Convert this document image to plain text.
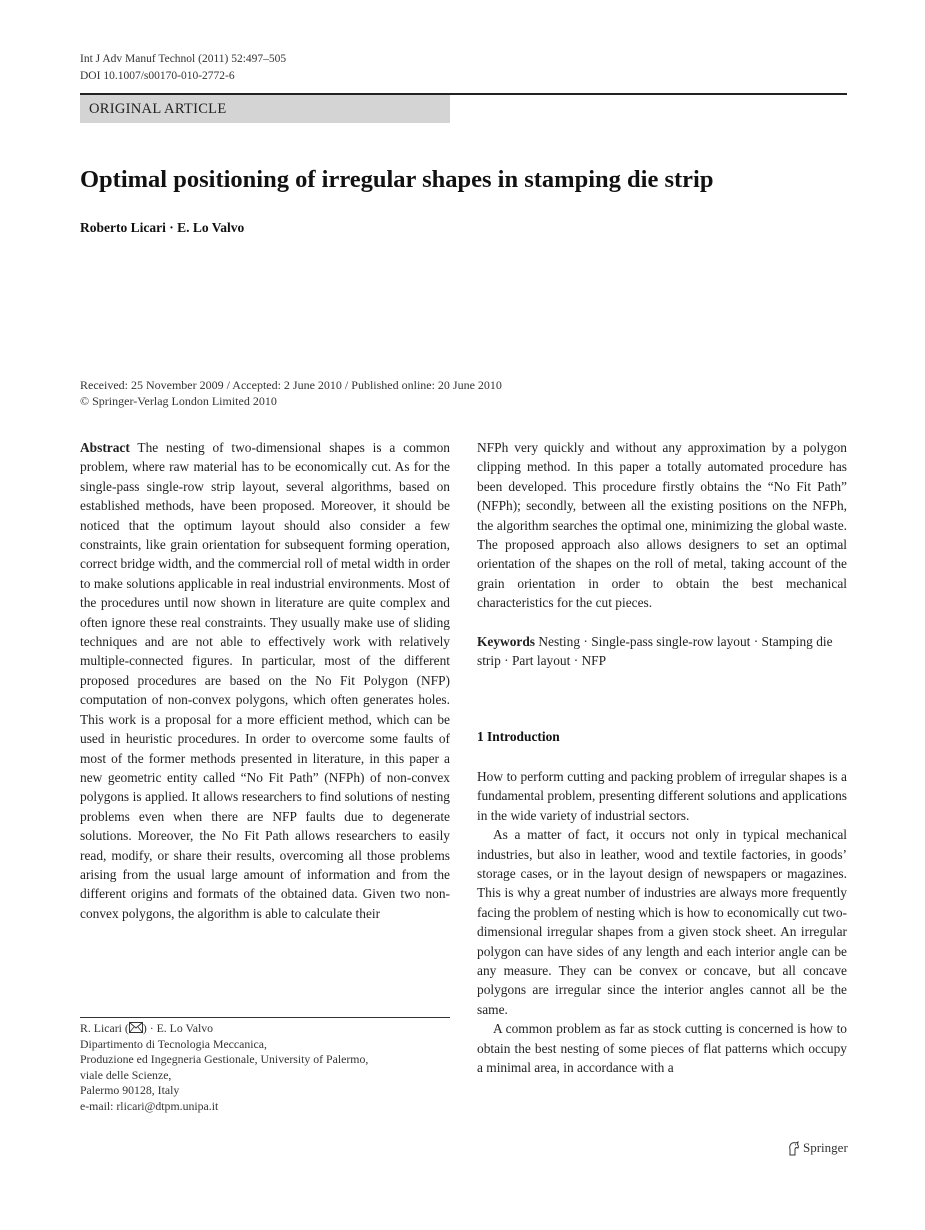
Int J Adv Manuf Technol (2011) 52:497–505
DOI 10.1007/s00170-010-2772-6
ORIGINAL ARTICLE
Optimal positioning of irregular shapes in stamping die strip
Roberto Licari · E. Lo Valvo
Received: 25 November 2009 / Accepted: 2 June 2010 / Published online: 20 June 2010
© Springer-Verlag London Limited 2010

Abstract The nesting of two-dimensional shapes is a common problem, where raw material has to be economically cut. As for the single-pass single-row strip layout, several algorithms, based on established methods, have been proposed. Moreover, it should be noticed that the optimum layout should also consider a few constraints, like grain orientation for subsequent forming operation, correct bridge width, and the commercial roll of metal width in order to make solutions applicable in real industrial environments. Most of the procedures until now shown in literature are quite complex and often ignore these real constraints. They usually make use of sliding techniques and are not able to effectively work with relatively multiple-connected figures. In particular, most of the different proposed procedures are based on the No Fit Polygon (NFP) computation of non-convex polygons, which often generates holes. This work is a proposal for a more efficient method, which can be used in heuristic procedures. In order to overcome some faults of most of the former methods presented in literature, in this paper a new geometric entity called “No Fit Path” (NFPh) of non-convex polygons is applied. It allows researchers to find solutions of nesting problems even when there are NFP faults due to degenerate solutions. Moreover, the No Fit Path allows researchers to easily read, modify, or share their results, overcoming all those problems arising from the usual large amount of information and from the different origins and formats of the obtained data. Given two non-convex polygons, the algorithm is able to calculate their

NFPh very quickly and without any approximation by a polygon clipping method. In this paper a totally automated procedure has been developed. This procedure firstly obtains the “No Fit Path” (NFPh); secondly, between all the existing positions on the NFPh, the algorithm searches the optimal one, minimizing the global waste. The proposed approach also allows designers to set an optimal orientation of the shapes on the roll of metal, taking account of the grain orientation in order to obtain the best mechanical characteristics for the cut pieces.

Keywords Nesting · Single-pass single-row layout · Stamping die strip · Part layout · NFP

1 Introduction

How to perform cutting and packing problem of irregular shapes is a fundamental problem, presenting different solutions and applications in the wide variety of industrial sectors.

As a matter of fact, it occurs not only in typical mechanical industries, but also in leather, wood and textile factories, in goods’ storage cases, or in the layout design of newspapers or magazines. This is why a great number of industries are always more frequently facing the problem of nesting which is how to economically cut two-dimensional irregular shapes from a given stock sheet. An irregular polygon can have sides of any length and each interior angle can be any measure. They can be convex or concave, but all concave polygons are irregular since the interior angles cannot all be the same.

A common problem as far as stock cutting is concerned is how to obtain the best nesting of some pieces of flat patterns which occupy a minimal area, in accordance with a

R. Licari ( ) · E. Lo Valvo
Dipartimento di Tecnologia Meccanica,
Produzione ed Ingegneria Gestionale, University of Palermo,
viale delle Scienze,
Palermo 90128, Italy
e-mail: rlicari@dtpm.unipa.it
Springer
